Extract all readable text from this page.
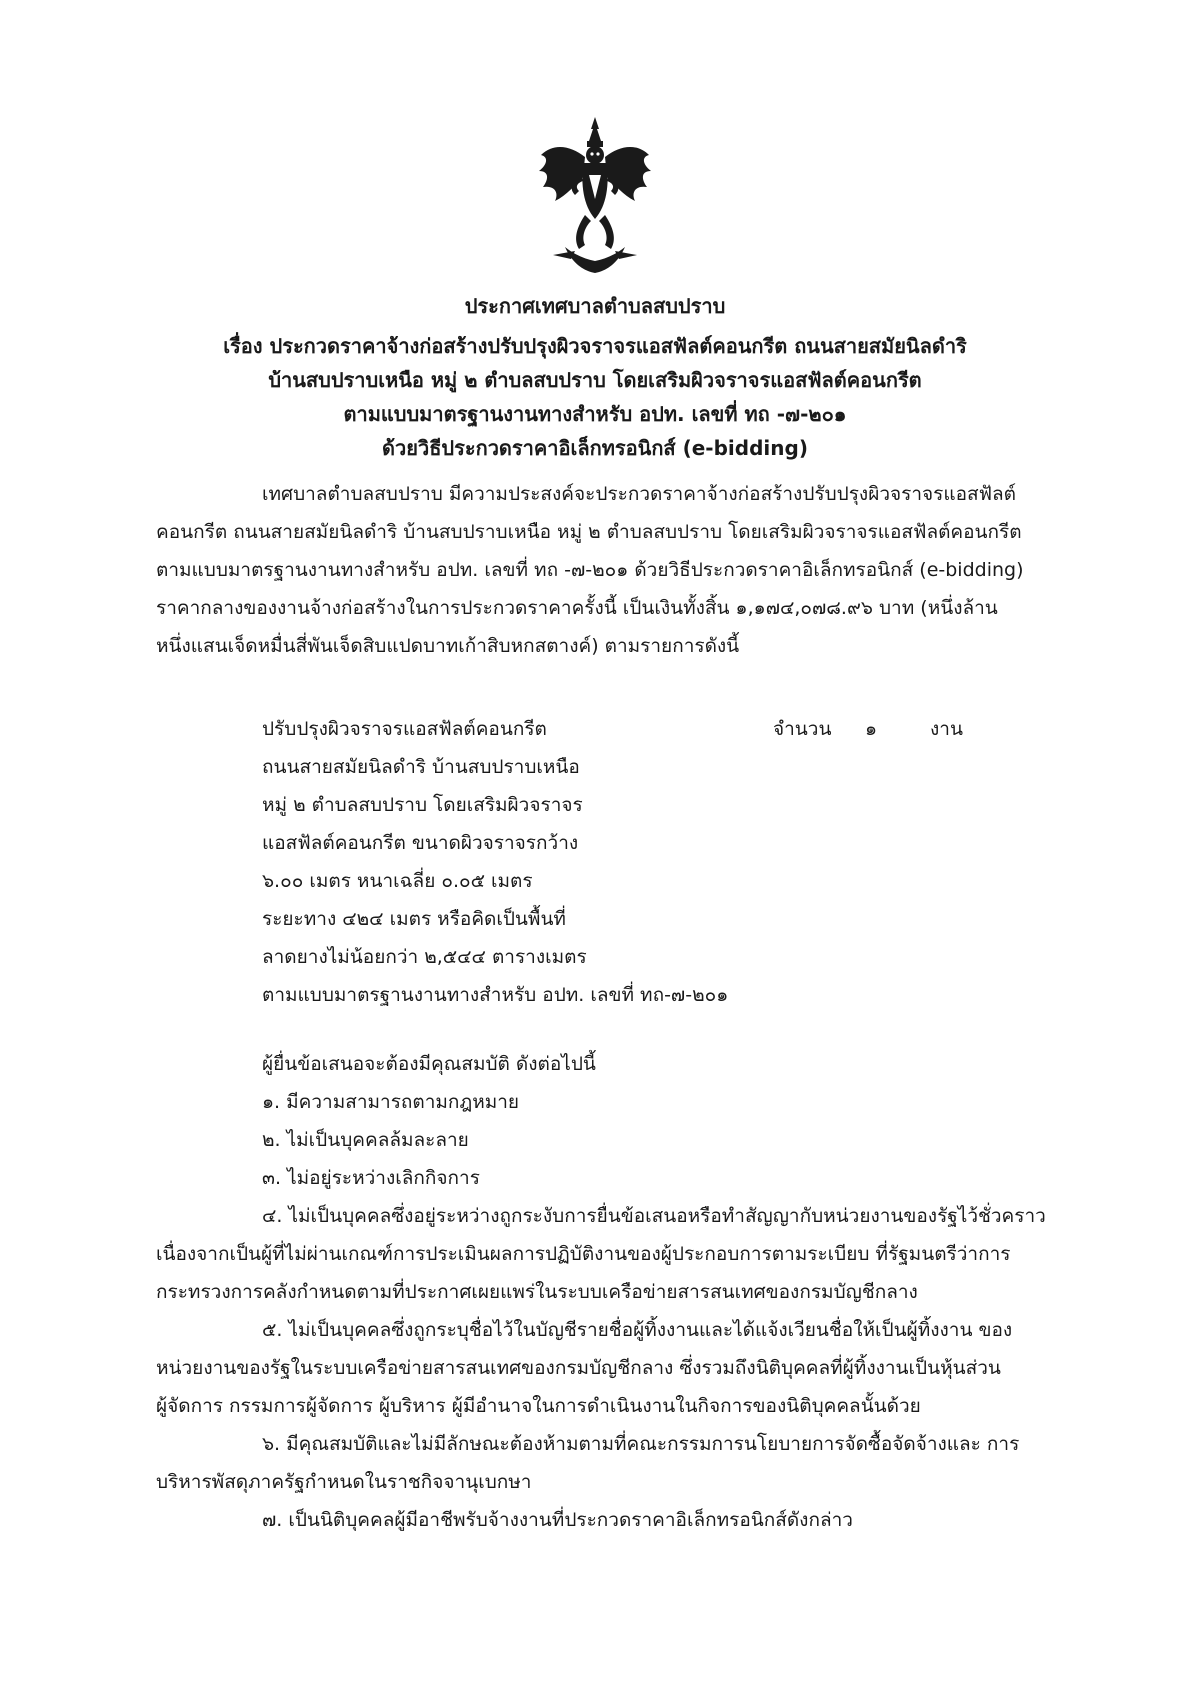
ประกาศเทศบาลตำบลสบปราบ
เรื่อง ประกวดราคาจ้างก่อสร้างปรับปรุงผิวจราจรแอสฟัลต์คอนกรีต ถนนสายสมัยนิลดำริ
บ้านสบปราบเหนือ หมู่ ๒ ตำบลสบปราบ โดยเสริมผิวจราจรแอสฟัลต์คอนกรีต
ตามแบบมาตรฐานงานทางสำหรับ อปท. เลขที่ ทถ -๗-๒๐๑
ด้วยวิธีประกวดราคาอิเล็กทรอนิกส์ (e-bidding)
เทศบาลตำบลสบปราบ มีความประสงค์จะประกวดราคาจ้างก่อสร้างปรับปรุงผิวจราจรแอสฟัลต์
คอนกรีต ถนนสายสมัยนิลดำริ บ้านสบปราบเหนือ หมู่ ๒ ตำบลสบปราบ โดยเสริมผิวจราจรแอสฟัลต์คอนกรีต
ตามแบบมาตรฐานงานทางสำหรับ อปท. เลขที่ ทถ -๗-๒๐๑ ด้วยวิธีประกวดราคาอิเล็กทรอนิกส์ (e-bidding)
ราคากลางของงานจ้างก่อสร้างในการประกวดราคาครั้งนี้ เป็นเงินทั้งสิ้น ๑,๑๗๔,๐๗๘.๙๖ บาท (หนึ่งล้าน
หนึ่งแสนเจ็ดหมื่นสี่พันเจ็ดสิบแปดบาทเก้าสิบหกสตางค์) ตามรายการดังนี้
ปรับปรุงผิวจราจรแอสฟัลต์คอนกรีต
ถนนสายสมัยนิลดำริ บ้านสบปราบเหนือ
หมู่ ๒ ตำบลสบปราบ โดยเสริมผิวจราจร
แอสฟัลต์คอนกรีต ขนาดผิวจราจรกว้าง
๖.๐๐ เมตร หนาเฉลี่ย ๐.๐๕ เมตร
ระยะทาง ๔๒๔ เมตร หรือคิดเป็นพื้นที่
ลาดยางไม่น้อยกว่า ๒,๕๔๔ ตารางเมตร
ตามแบบมาตรฐานงานทางสำหรับ อปท. เลขที่ ทถ-๗-๒๐๑
จำนวน ๑	งาน
ผู้ยื่นข้อเสนอจะต้องมีคุณสมบัติ ดังต่อไปนี้
๑. มีความสามารถตามกฎหมาย
๒. ไม่เป็นบุคคลล้มละลาย
๓. ไม่อยู่ระหว่างเลิกกิจการ
๔. ไม่เป็นบุคคลซึ่งอยู่ระหว่างถูกระงับการยื่นข้อเสนอหรือทำสัญญากับหน่วยงานของรัฐไว้ชั่วคราว
เนื่องจากเป็นผู้ที่ไม่ผ่านเกณฑ์การประเมินผลการปฏิบัติงานของผู้ประกอบการตามระเบียบ ที่รัฐมนตรีว่าการ
กระทรวงการคลังกำหนดตามที่ประกาศเผยแพร่ในระบบเครือข่ายสารสนเทศของกรมบัญชีกลาง
๕. ไม่เป็นบุคคลซึ่งถูกระบุชื่อไว้ในบัญชีรายชื่อผู้ทิ้งงานและได้แจ้งเวียนชื่อให้เป็นผู้ทิ้งงาน ของ
หน่วยงานของรัฐในระบบเครือข่ายสารสนเทศของกรมบัญชีกลาง ซึ่งรวมถึงนิติบุคคลที่ผู้ทิ้งงานเป็นหุ้นส่วน
ผู้จัดการ กรรมการผู้จัดการ ผู้บริหาร ผู้มีอำนาจในการดำเนินงานในกิจการของนิติบุคคลนั้นด้วย
๖. มีคุณสมบัติและไม่มีลักษณะต้องห้ามตามที่คณะกรรมการนโยบายการจัดซื้อจัดจ้างและ การ
บริหารพัสดุภาครัฐกำหนดในราชกิจจานุเบกษา
๗. เป็นนิติบุคคลผู้มีอาชีพรับจ้างงานที่ประกวดราคาอิเล็กทรอนิกส์ดังกล่าว
